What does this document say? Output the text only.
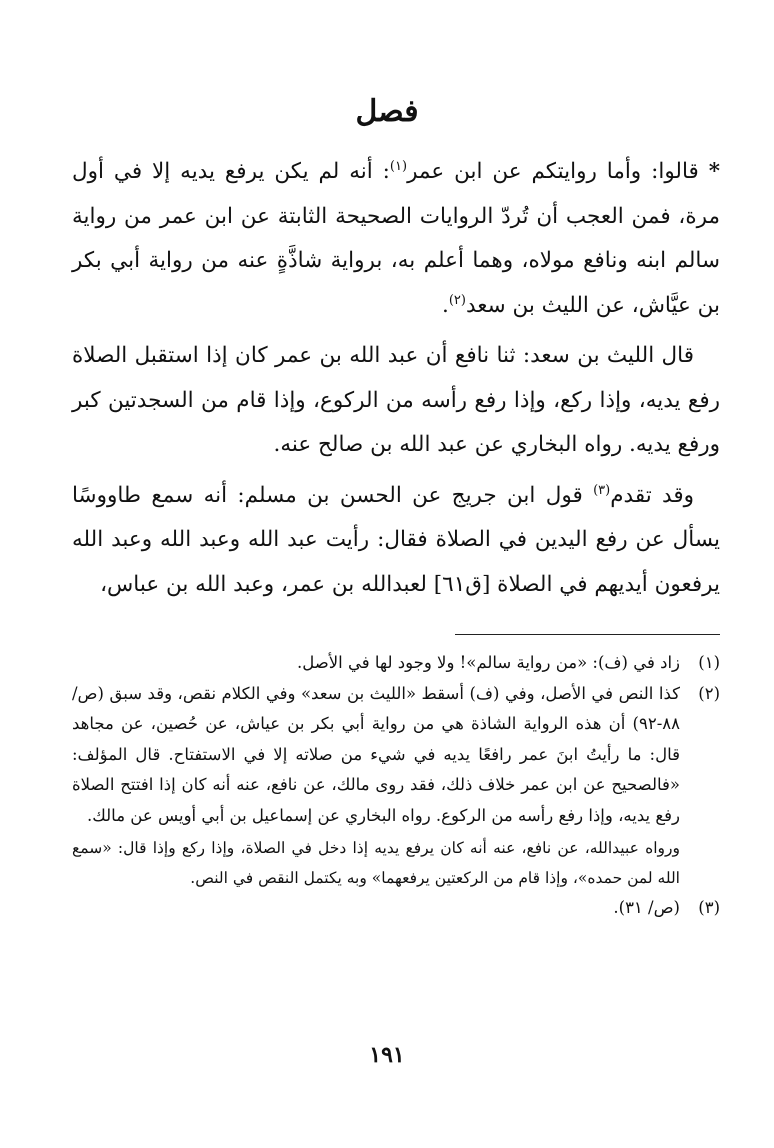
فصل

* قالوا: وأما روايتكم عن ابن عمر$^{(١)}$: أنه لم يكن يرفع يديه إلا في أول مرة، فمن العجب أن تُردّ الروايات الصحيحة الثابتة عن ابن عمر من رواية سالم ابنه ونافع مولاه، وهما أعلم به، برواية شاذَّةٍ عنه من رواية أبي بكر بن عيَّاش، عن الليث بن سعد$^{(٢)}$.

قال الليث بن سعد: ثنا نافع أن عبد الله بن عمر كان إذا استقبل الصلاة رفع يديه، وإذا ركع، وإذا رفع رأسه من الركوع، وإذا قام من السجدتين كبر ورفع يديه. رواه البخاري عن عبد الله بن صالح عنه.

وقد تقدم$^{(٣)}$ قول ابن جريج عن الحسن بن مسلم: أنه سمع طاووسًا يسأل عن رفع اليدين في الصلاة فقال: رأيت عبد الله وعبد الله وعبد الله يرفعون أيديهم في الصلاة [ق٦١] لعبدالله بن عمر، وعبد الله بن عباس،

(١)
زاد في (ف): «من رواية سالم»! ولا وجود لها في الأصل.
(٢)
كذا النص في الأصل، وفي (ف) أسقط «الليث بن سعد» وفي الكلام نقص، وقد سبق (ص/ ٨٨-٩٢) أن هذه الرواية الشاذة هي من رواية أبي بكر بن عياش، عن حُصين، عن مجاهد قال: ما رأيتُ ابنَ عمر رافعًا يديه في شيء من صلاته إلا في الاستفتاح. قال المؤلف: «فالصحيح عن ابن عمر خلاف ذلك، فقد روى مالك، عن نافع، عنه أنه كان إذا افتتح الصلاة رفع يديه، وإذا رفع رأسه من الركوع. رواه البخاري عن إسماعيل بن أبي أويس عن مالك.
ورواه عبيدالله، عن نافع، عنه أنه كان يرفع يديه إذا دخل في الصلاة، وإذا ركع وإذا قال: «سمع الله لمن حمده»، وإذا قام من الركعتين يرفعهما» وبه يكتمل النقص في النص.
(٣)
(ص/ ٣١).
١٩١
